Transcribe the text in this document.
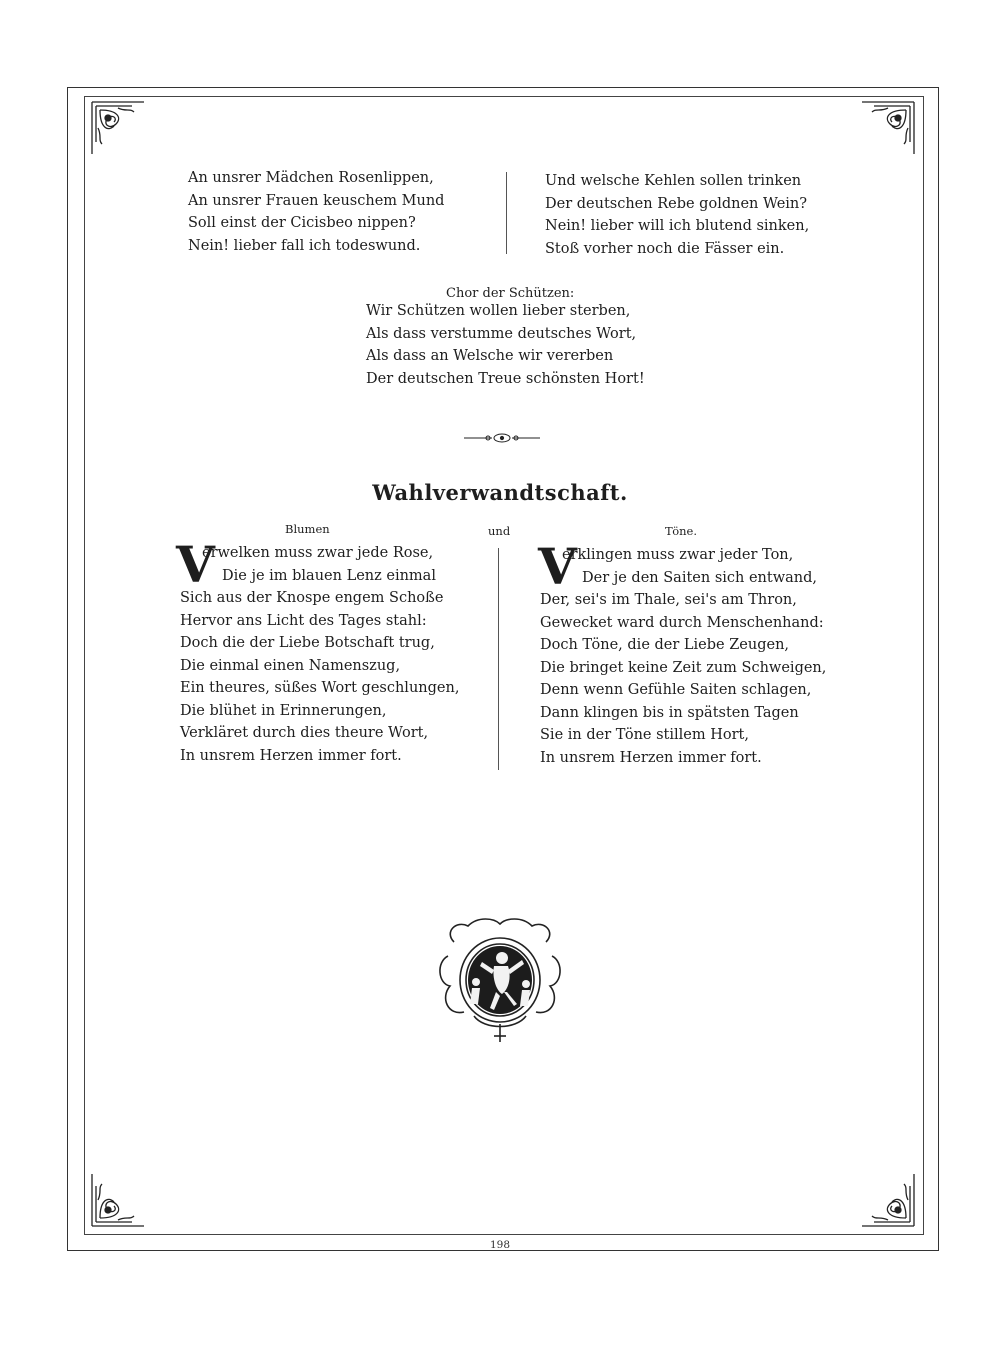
An unsrer Mädchen Rosenlippen,
An unsrer Frauen keuschem Mund
Soll einst der Cicisbeo nippen?
Nein! lieber fall ich todeswund.
Und welsche Kehlen sollen trinken
Der deutschen Rebe goldnen Wein?
Nein! lieber will ich blutend sinken,
Stoß vorher noch die Fässer ein.
Chor der Schützen:
Wir Schützen wollen lieber sterben,
Als dass verstumme deutsches Wort,
Als dass an Welsche wir vererben
Der deutschen Treue schönsten Hort!
Wahlverwandtschaft.
Blumen	und	Töne.
V
erwelken muss zwar jede Rose,
Die je im blauen Lenz einmal
Sich aus der Knospe engem Schoße
Hervor ans Licht des Tages stahl:
Doch die der Liebe Botschaft trug,
Die einmal einen Namenszug,
Ein theures, süßes Wort geschlungen,
Die blühet in Erinnerungen,
Verkläret durch dies theure Wort,
In unsrem Herzen immer fort.
V
erklingen muss zwar jeder Ton,
Der je den Saiten sich entwand,
Der, sei's im Thale, sei's am Thron,
Gewecket ward durch Menschenhand:
Doch Töne, die der Liebe Zeugen,
Die bringet keine Zeit zum Schweigen,
Denn wenn Gefühle Saiten schlagen,
Dann klingen bis in spätsten Tagen
Sie in der Töne stillem Hort,
In unsrem Herzen immer fort.
198
